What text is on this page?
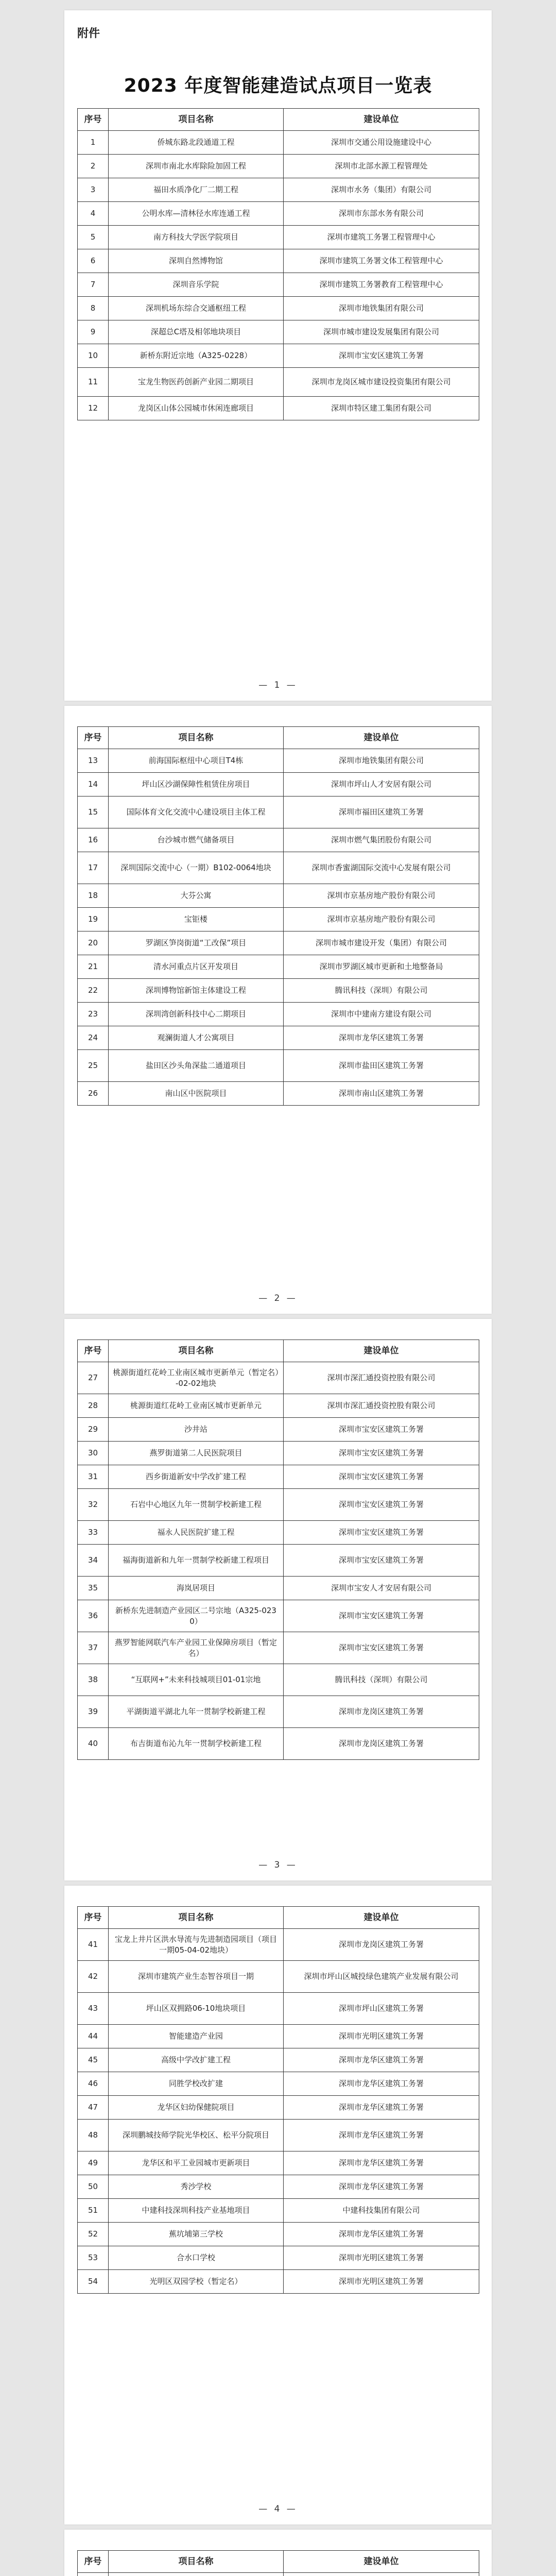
附件
2023 年度智能建造试点项目一览表
序号	项目名称	建设单位
1	侨城东路北段通道工程	深圳市交通公用设施建设中心
2	深圳市南北水库除险加固工程	深圳市北部水源工程管理处
3	福田水质净化厂二期工程	深圳市水务（集团）有限公司
4	公明水库—清林径水库连通工程	深圳市东部水务有限公司
5	南方科技大学医学院项目	深圳市建筑工务署工程管理中心
6	深圳自然博物馆	深圳市建筑工务署文体工程管理中心
7	深圳音乐学院	深圳市建筑工务署教育工程管理中心
8	深圳机场东综合交通枢纽工程	深圳市地铁集团有限公司
9	深超总C塔及相邻地块项目	深圳市城市建设发展集团有限公司
10	新桥东附近宗地（A325-0228）	深圳市宝安区建筑工务署
11	宝龙生物医药创新产业园二期项目	深圳市龙岗区城市建设投资集团有限公司
12	龙岗区山体公园城市休闲连廊项目	深圳市特区建工集团有限公司
— 1 —
序号	项目名称	建设单位
13	前海国际枢纽中心项目T4栋	深圳市地铁集团有限公司
14	坪山区沙湖保障性租赁住房项目	深圳市坪山人才安居有限公司
15	国际体育文化交流中心建设项目主体工程	深圳市福田区建筑工务署
16	台沙城市燃气储备项目	深圳市燃气集团股份有限公司
17	深圳国际交流中心（一期）B102-0064地块	深圳市香蜜湖国际交流中心发展有限公司
18	大芬公寓	深圳市京基房地产股份有限公司
19	宝钜楼	深圳市京基房地产股份有限公司
20	罗湖区笋岗街道“工改保”项目	深圳市城市建设开发（集团）有限公司
21	清水河重点片区开发项目	深圳市罗湖区城市更新和土地整备局
22	深圳博物馆新馆主体建设工程	腾讯科技（深圳）有限公司
23	深圳湾创新科技中心二期项目	深圳市中建南方建设有限公司
24	观澜街道人才公寓项目	深圳市龙华区建筑工务署
25	盐田区沙头角深盐二通道项目	深圳市盐田区建筑工务署
26	南山区中医院项目	深圳市南山区建筑工务署
— 2 —
序号	项目名称	建设单位
27	桃源街道红花岭工业南区城市更新单元（暂定名）-02-02地块	深圳市深汇通投资控股有限公司
28	桃源街道红花岭工业南区城市更新单元	深圳市深汇通投资控股有限公司
29	沙井站	深圳市宝安区建筑工务署
30	燕罗街道第二人民医院项目	深圳市宝安区建筑工务署
31	西乡街道新安中学改扩建工程	深圳市宝安区建筑工务署
32	石岩中心地区九年一贯制学校新建工程	深圳市宝安区建筑工务署
33	福永人民医院扩建工程	深圳市宝安区建筑工务署
34	福海街道新和九年一贯制学校新建工程项目	深圳市宝安区建筑工务署
35	海岚居项目	深圳市宝安人才安居有限公司
36	新桥东先进制造产业园区二号宗地（A325-0230）	深圳市宝安区建筑工务署
37	燕罗智能网联汽车产业园工业保障房项目（暂定名）	深圳市宝安区建筑工务署
38	“互联网+”未来科技城项目01-01宗地	腾讯科技（深圳）有限公司
39	平湖街道平湖北九年一贯制学校新建工程	深圳市龙岗区建筑工务署
40	布吉街道布沁九年一贯制学校新建工程	深圳市龙岗区建筑工务署
— 3 —
序号	项目名称	建设单位
41	宝龙上井片区洪水导流与先进制造园项目（项目一期05-04-02地块）	深圳市龙岗区建筑工务署
42	深圳市建筑产业生态智谷项目一期	深圳市坪山区城投绿色建筑产业发展有限公司
43	坪山区双拥路06-10地块项目	深圳市坪山区建筑工务署
44	智能建造产业园	深圳市光明区建筑工务署
45	高级中学改扩建工程	深圳市龙华区建筑工务署
46	同胜学校改扩建	深圳市龙华区建筑工务署
47	龙华区妇幼保健院项目	深圳市龙华区建筑工务署
48	深圳鹏城技师学院光华校区、松平分院项目	深圳市龙华区建筑工务署
49	龙华区和平工业园城市更新项目	深圳市龙华区建筑工务署
50	秀沙学校	深圳市龙华区建筑工务署
51	中建科技深圳科技产业基地项目	中建科技集团有限公司
52	蕉坑埔第三学校	深圳市龙华区建筑工务署
53	合水口学校	深圳市光明区建筑工务署
54	光明区双园学校（暂定名）	深圳市光明区建筑工务署
— 4 —
序号	项目名称	建设单位
